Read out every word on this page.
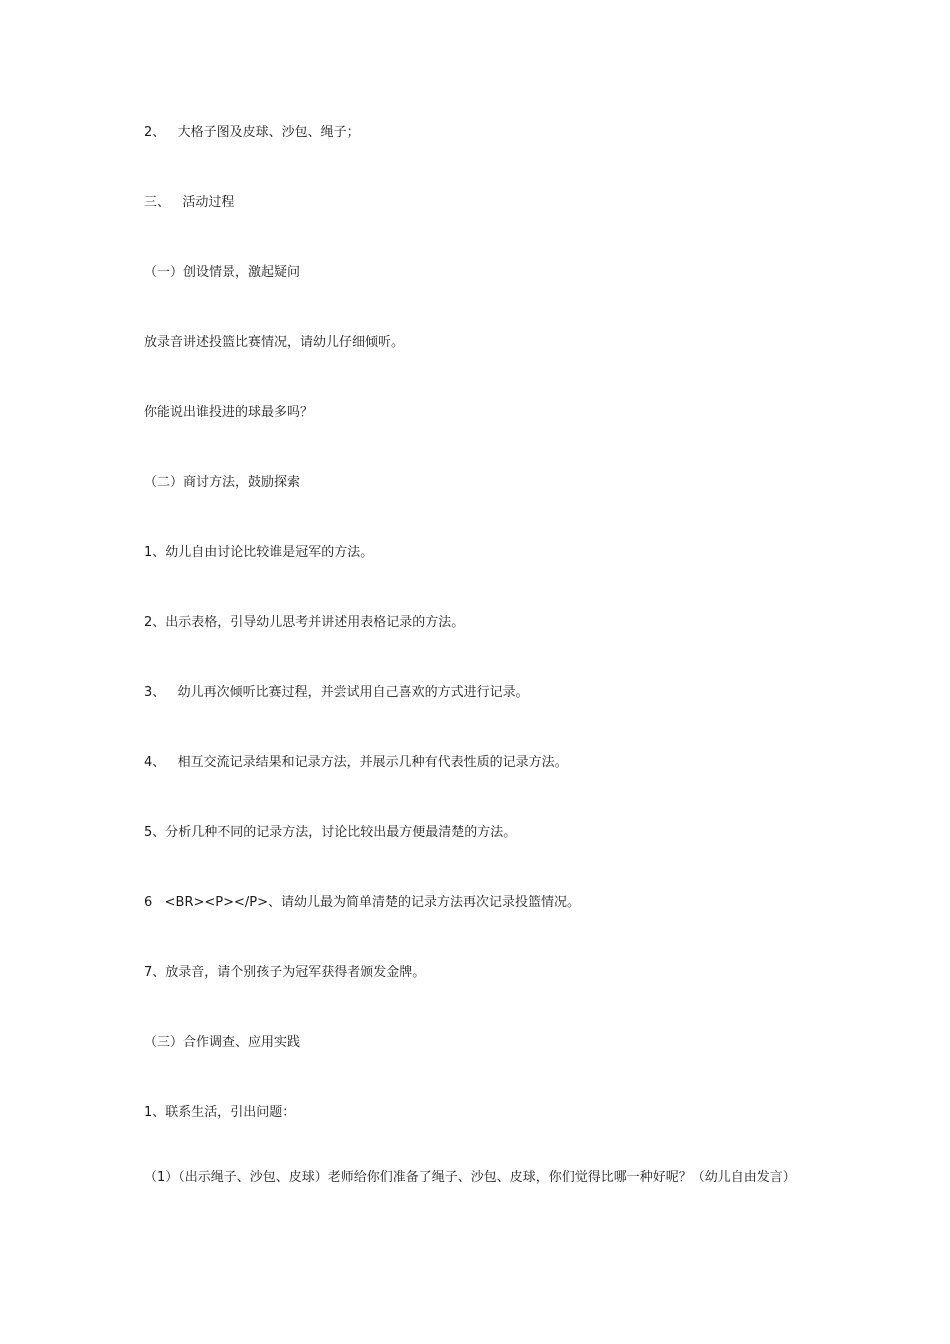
2、   大格子图及皮球、沙包、绳子；

三、   活动过程

（一）创设情景，激起疑问

放录音讲述投篮比赛情况，请幼儿仔细倾听。

你能说出谁投进的球最多吗？

（二）商讨方法，鼓励探索

1、幼儿自由讨论比较谁是冠军的方法。

2、出示表格，引导幼儿思考并讲述用表格记录的方法。

3、   幼儿再次倾听比赛过程，并尝试用自己喜欢的方式进行记录。

4、   相互交流记录结果和记录方法，并展示几种有代表性质的记录方法。

5、分析几种不同的记录方法，讨论比较出最方便最清楚的方法。

6   <BR><P></P>、请幼儿最为简单清楚的记录方法再次记录投篮情况。

7、放录音，请个别孩子为冠军获得者颁发金牌。

（三）合作调查、应用实践

1、联系生活，引出问题：

（1）（出示绳子、沙包、皮球）老师给你们准备了绳子、沙包、皮球，你们觉得比哪一种好呢？（幼儿自由发言）
